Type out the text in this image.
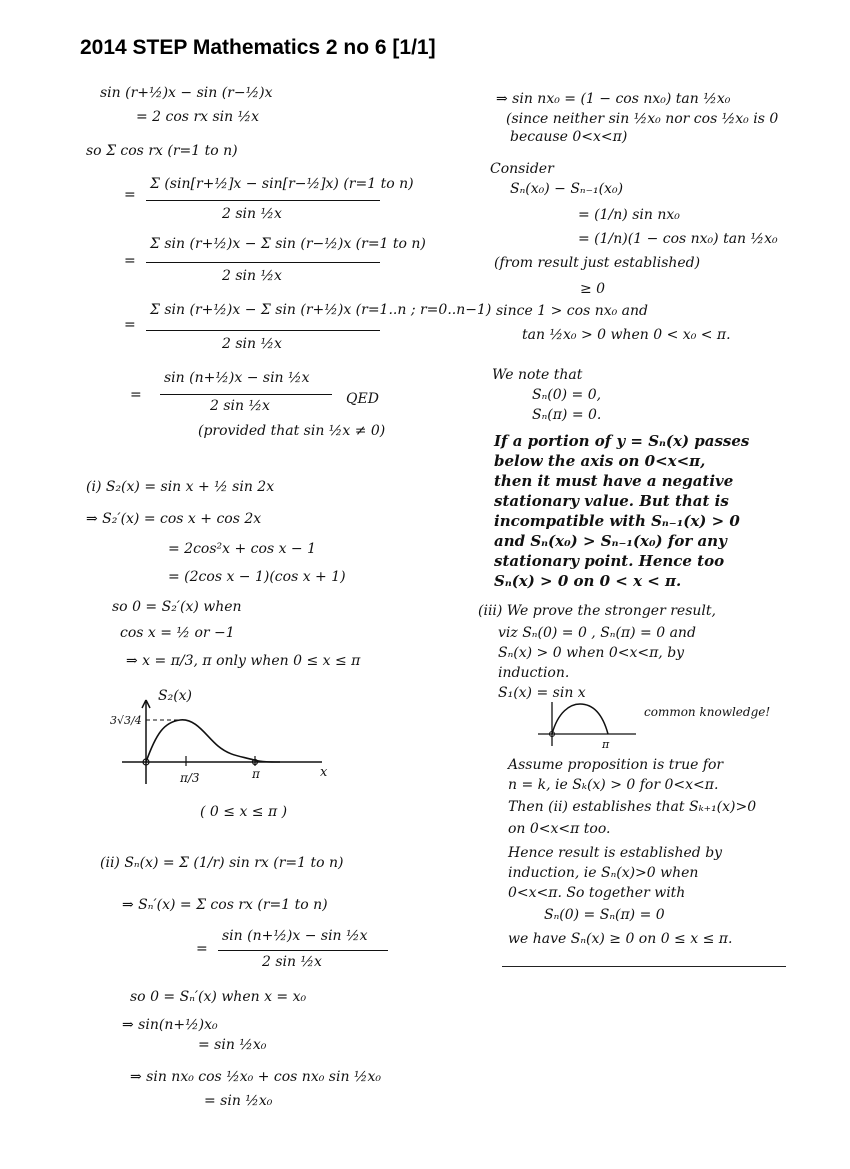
2014 STEP Mathematics 2 no 6 [1/1]
sin (r+½)x − sin (r−½)x
= 2 cos rx sin ½x
so Σ cos rx (r=1 to n)
=
Σ (sin[r+½]x − sin[r−½]x) (r=1 to n)
2 sin ½x
=
Σ sin (r+½)x − Σ sin (r−½)x (r=1 to n)
2 sin ½x
=
Σ sin (r+½)x − Σ sin (r+½)x (r=1..n ; r=0..n−1)
2 sin ½x
=
sin (n+½)x − sin ½x
2 sin ½x	QED
(provided that sin ½x ≠ 0)
(i) S₂(x) = sin x + ½ sin 2x
⇒ S₂′(x) = cos x + cos 2x
= 2cos²x + cos x − 1
= (2cos x − 1)(cos x + 1)
so 0 = S₂′(x) when
cos x = ½ or −1
⇒ x = π/3, π only when 0 ≤ x ≤ π
S₂(x)
3√3/4
π/3	π	x
( 0 ≤ x ≤ π )
(ii) Sₙ(x) = Σ (1/r) sin rx (r=1 to n)
⇒ Sₙ′(x) = Σ cos rx (r=1 to n)
=
sin (n+½)x − sin ½x
2 sin ½x
so 0 = Sₙ′(x) when x = x₀
⇒ sin(n+½)x₀
= sin ½x₀
⇒ sin nx₀ cos ½x₀ + cos nx₀ sin ½x₀
= sin ½x₀
⇒ sin nx₀ = (1 − cos nx₀) tan ½x₀
(since neither sin ½x₀ nor cos ½x₀ is 0
because 0<x<π)
Consider
Sₙ(x₀) − Sₙ₋₁(x₀)
= (1/n) sin nx₀
= (1/n)(1 − cos nx₀) tan ½x₀
(from result just established)
≥ 0
since 1 > cos nx₀ and
tan ½x₀ > 0 when 0 < x₀ < π.
We note that
Sₙ(0) = 0,
Sₙ(π) = 0.
If a portion of y = Sₙ(x) passes
below the axis on 0<x<π,
then it must have a negative
stationary value. But that is
incompatible with Sₙ₋₁(x) > 0
and Sₙ(x₀) > Sₙ₋₁(x₀) for any
stationary point. Hence too
Sₙ(x) > 0 on 0 < x < π.
(iii) We prove the stronger result,
viz Sₙ(0) = 0 , Sₙ(π) = 0 and
Sₙ(x) > 0 when 0<x<π, by
induction.
S₁(x) = sin x
π
common knowledge!
Assume proposition is true for
n = k, ie Sₖ(x) > 0 for 0<x<π.
Then (ii) establishes that Sₖ₊₁(x)>0
on 0<x<π too.
Hence result is established by
induction, ie Sₙ(x)>0 when
0<x<π. So together with
Sₙ(0) = Sₙ(π) = 0
we have Sₙ(x) ≥ 0 on 0 ≤ x ≤ π.
